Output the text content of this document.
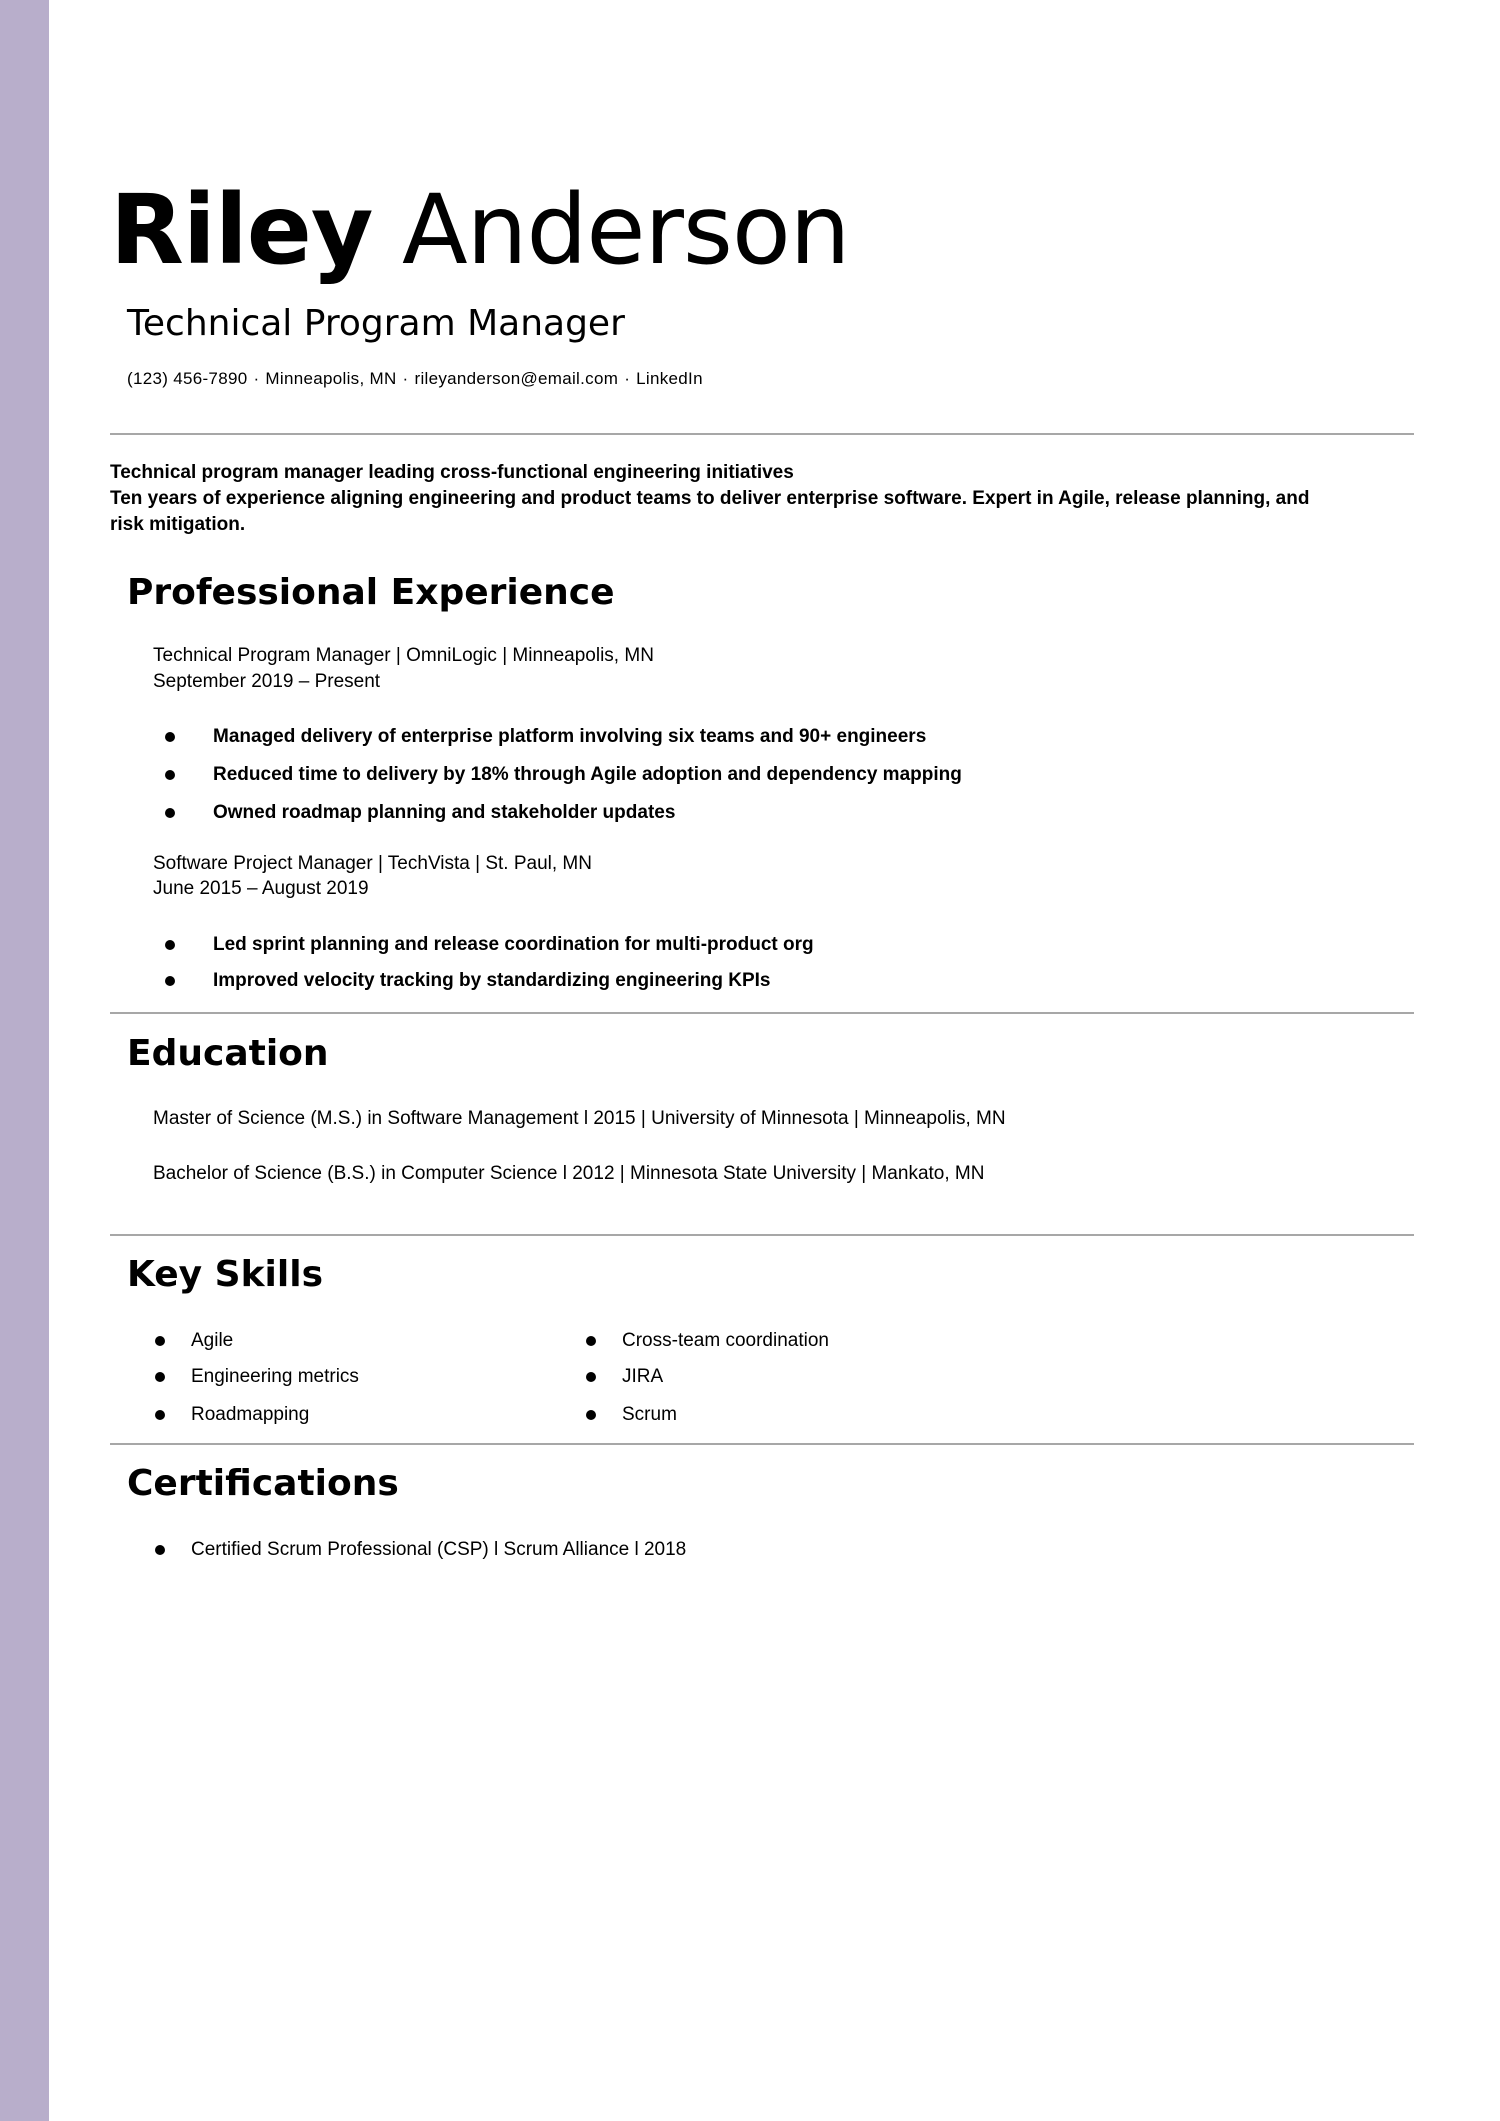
Riley Anderson
Technical Program Manager
(123) 456-7890 · Minneapolis, MN · rileyanderson@email.com · LinkedIn
Technical program manager leading cross-functional engineering initiatives
Ten years of experience aligning engineering and product teams to deliver enterprise software. Expert in Agile, release planning, and
risk mitigation.
Professional Experience
Technical Program Manager | OmniLogic | Minneapolis, MN
September 2019 – Present
Managed delivery of enterprise platform involving six teams and 90+ engineers
Reduced time to delivery by 18% through Agile adoption and dependency mapping
Owned roadmap planning and stakeholder updates
Software Project Manager | TechVista | St. Paul, MN
June 2015 – August 2019
Led sprint planning and release coordination for multi-product org
Improved velocity tracking by standardizing engineering KPIs
Education
Master of Science (M.S.) in Software Management l 2015 | University of Minnesota | Minneapolis, MN
Bachelor of Science (B.S.) in Computer Science l 2012 | Minnesota State University | Mankato, MN
Key Skills
Agile
Engineering metrics
Roadmapping
Cross-team coordination
JIRA
Scrum
Certifications
Certified Scrum Professional (CSP) l Scrum Alliance l 2018
